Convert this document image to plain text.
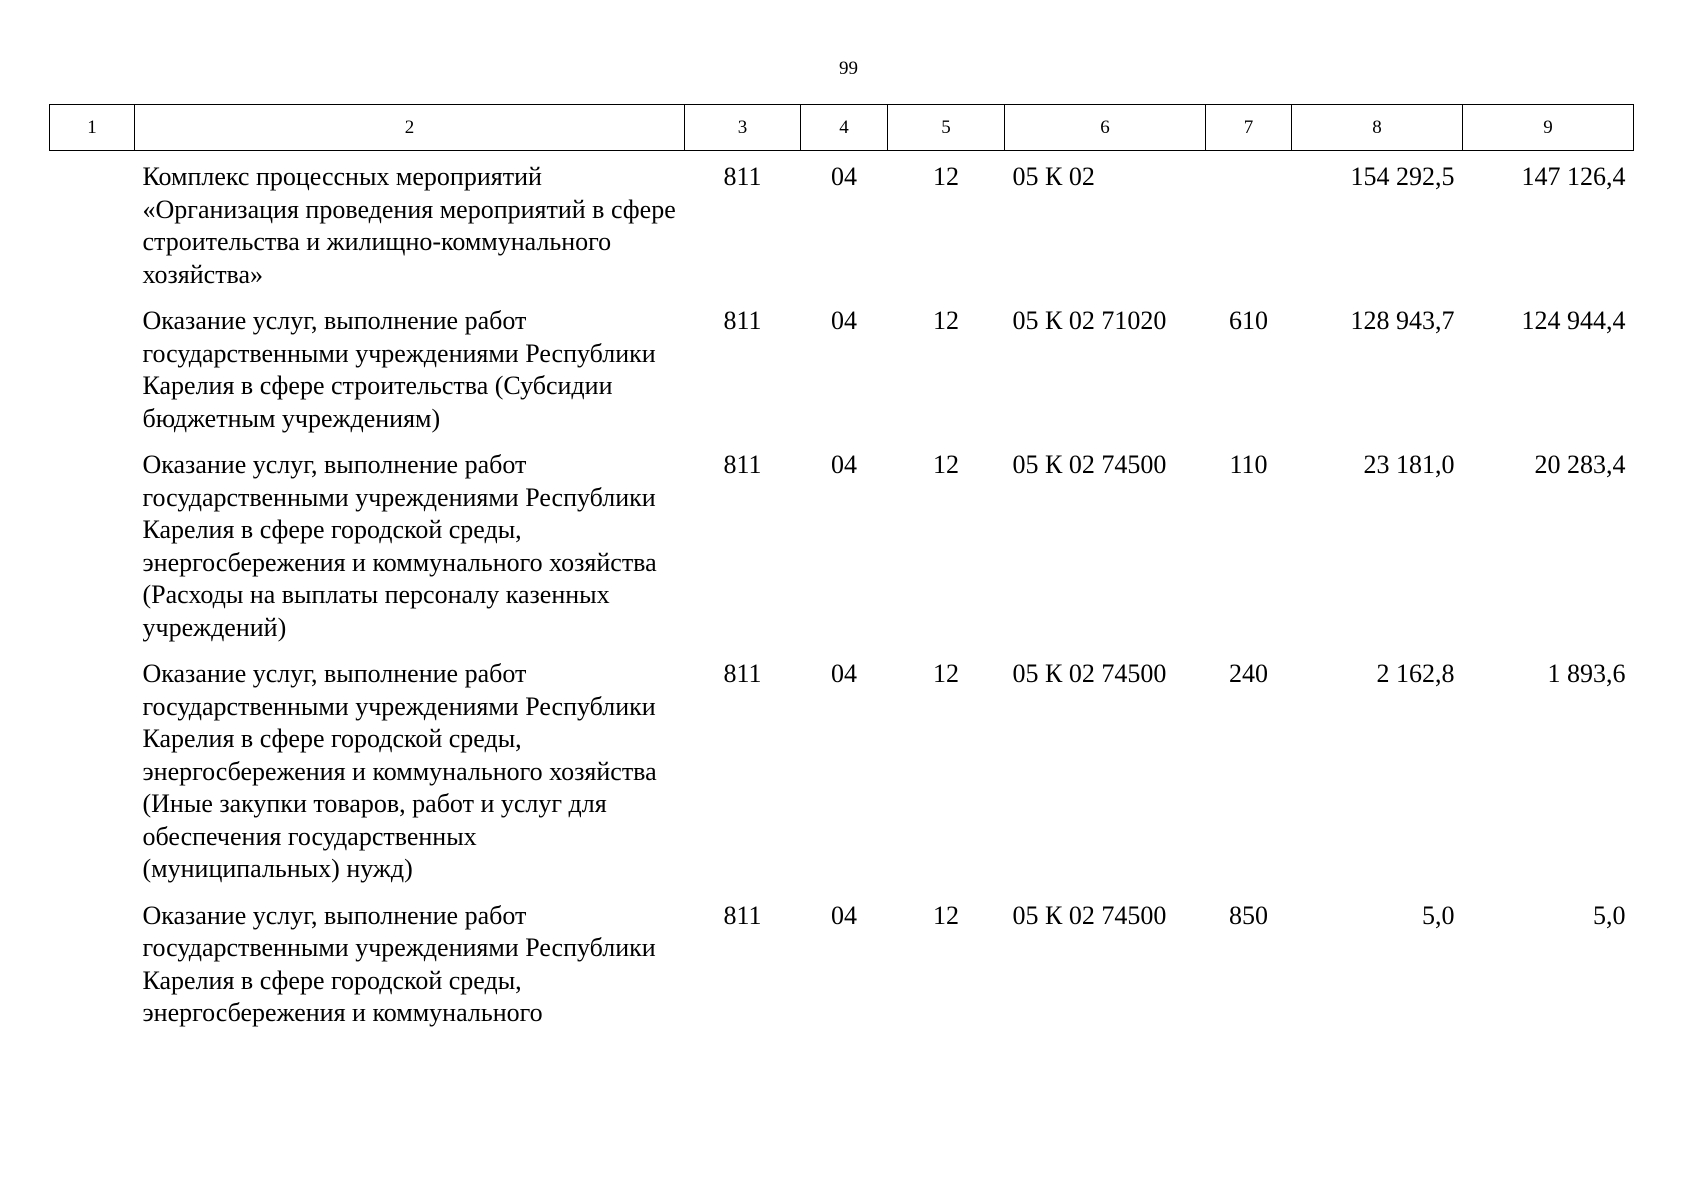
99
1	2	3	4	5	6	7	8	9
	Комплекс процессных мероприятий «Организация проведения мероприятий в сфере строительства и жилищно-коммунального хозяйства»	811	04	12	05 К 02		154 292,5	147 126,4
	Оказание услуг, выполнение работ государственными учреждениями Республики Карелия в сфере строительства (Субсидии бюджетным учреждениям)	811	04	12	05 К 02 71020	610	128 943,7	124 944,4
	Оказание услуг, выполнение работ государственными учреждениями Республики Карелия в сфере городской среды, энергосбережения и коммунального хозяйства (Расходы на выплаты персоналу казенных учреждений)	811	04	12	05 К 02 74500	110	23 181,0	20 283,4
	Оказание услуг, выполнение работ государственными учреждениями Республики Карелия в сфере городской среды, энергосбережения и коммунального хозяйства (Иные закупки товаров, работ и услуг для обеспечения государственных (муниципальных) нужд)	811	04	12	05 К 02 74500	240	2 162,8	1 893,6
	Оказание услуг, выполнение работ государственными учреждениями Республики Карелия в сфере городской среды, энергосбережения и коммунального	811	04	12	05 К 02 74500	850	5,0	5,0
